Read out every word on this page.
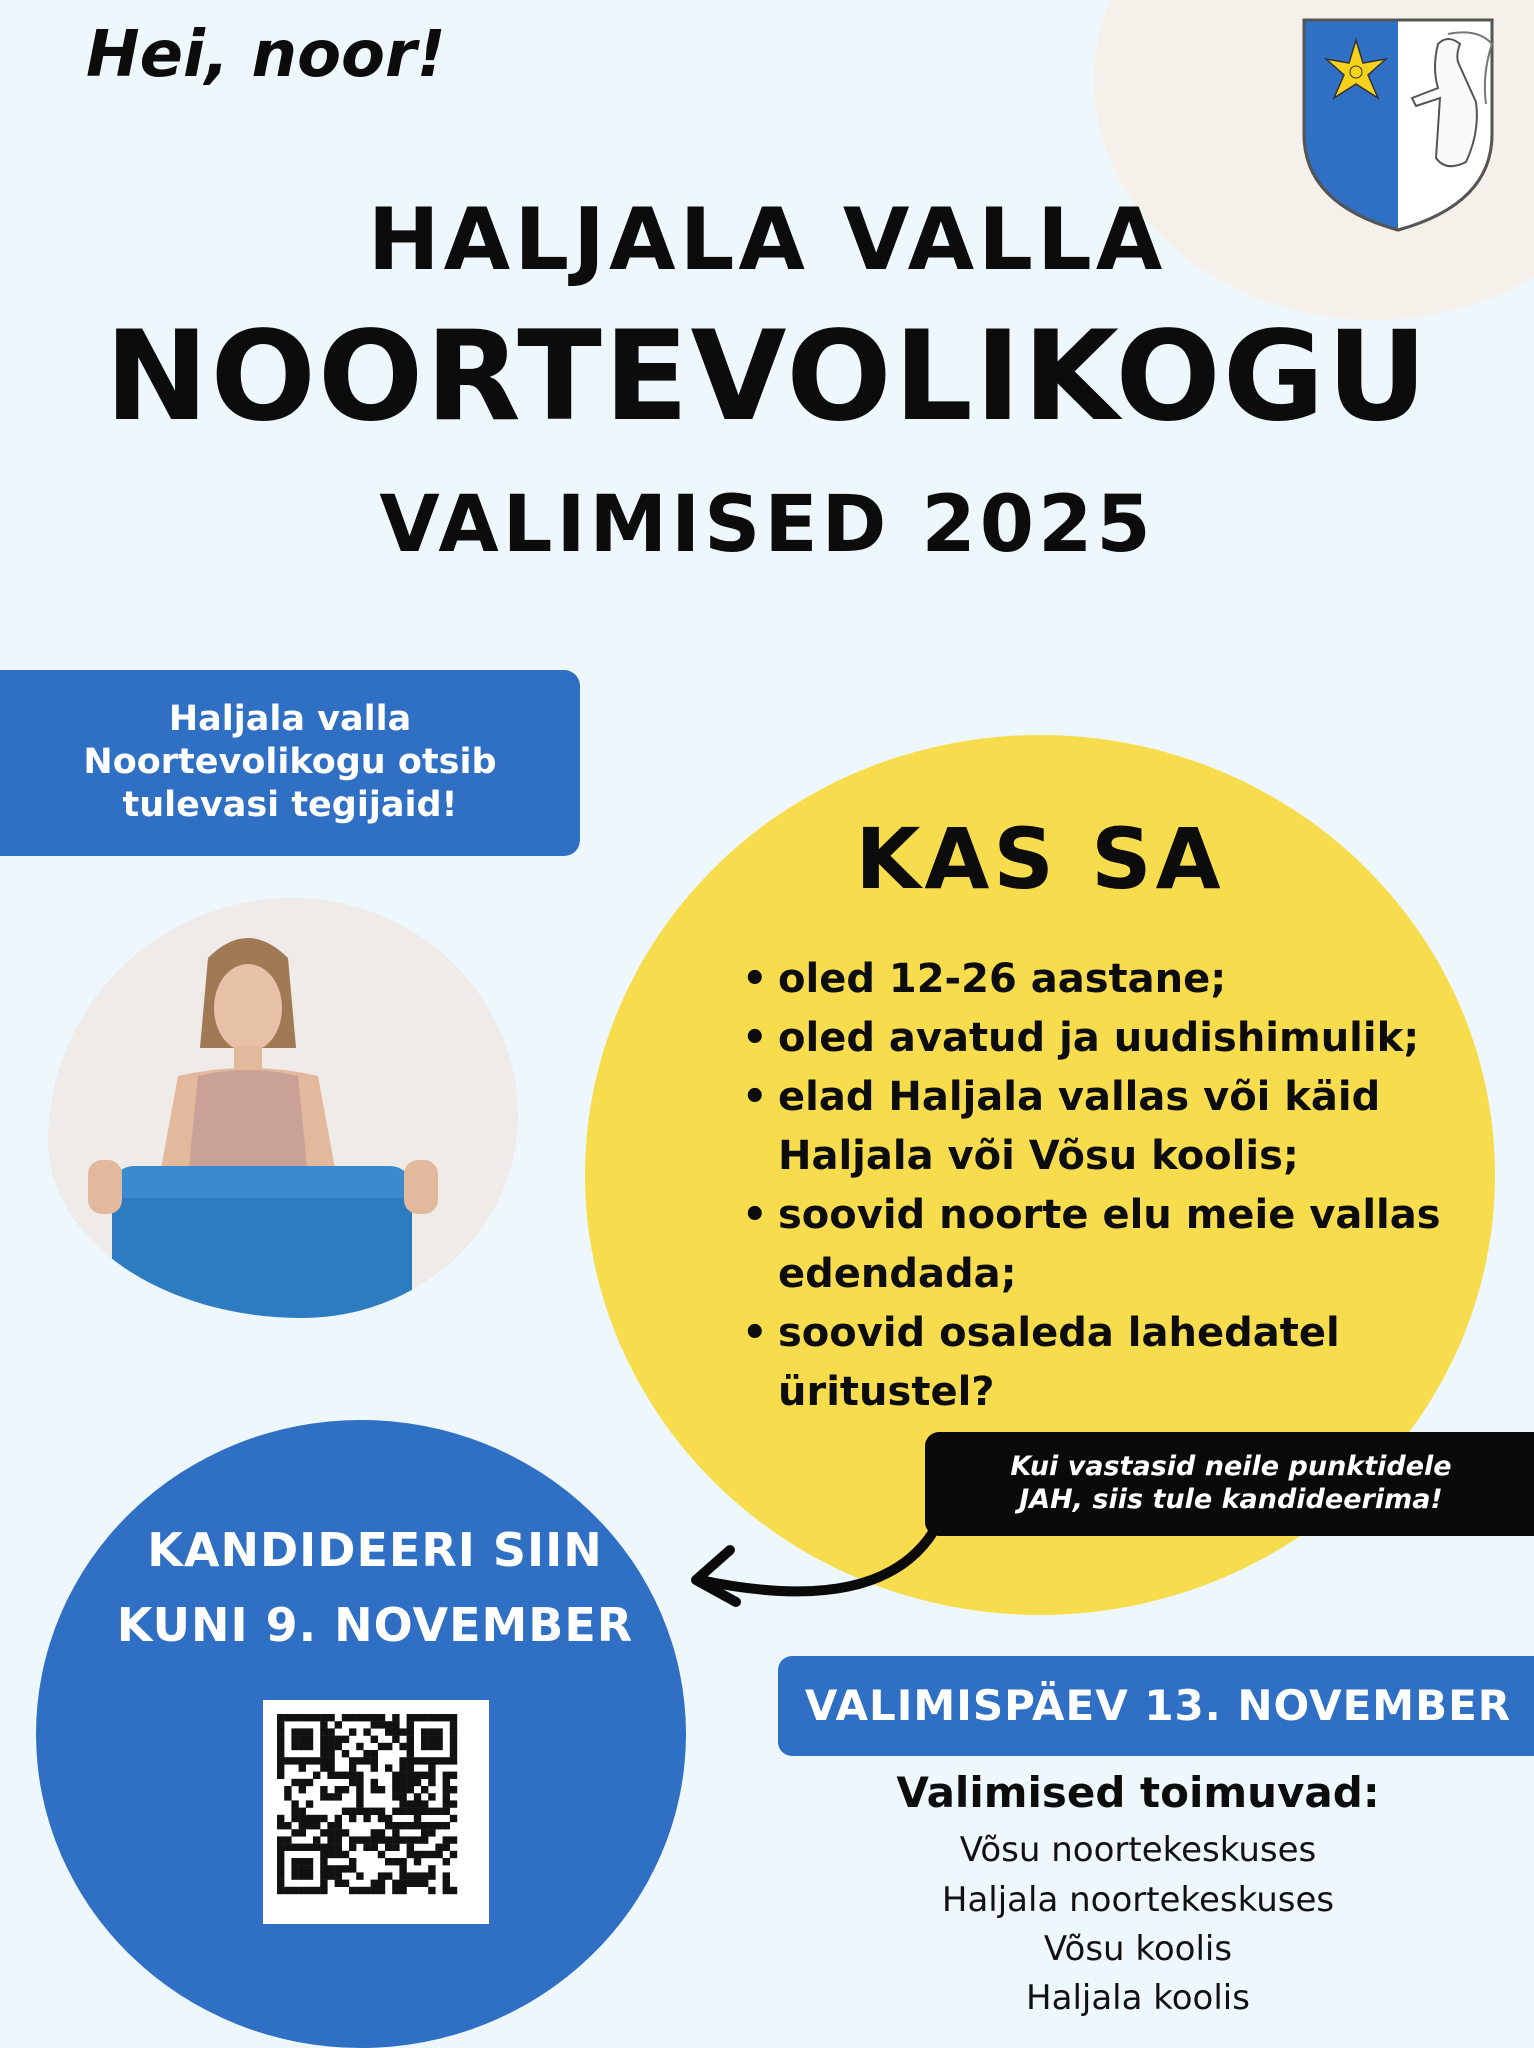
Hei, noor!
HALJALA VALLA
NOORTEVOLIKOGU
VALIMISED 2025
Haljala valla
Noortevolikogu otsib
tulevasi tegijaid!
KAS SA
• oled 12-26 aastane;
• oled avatud ja uudishimulik;
• elad Haljala vallas või käid Haljala või Võsu koolis;
• soovid noorte elu meie vallas edendada;
• soovid osaleda lahedatel üritustel?
Kui vastasid neile punktidele
JAH, siis tule kandideerima!
KANDIDEERI SIIN
KUNI 9. NOVEMBER
VALIMISPÄEV 13. NOVEMBER
Valimised toimuvad:
Võsu noortekeskuses
Haljala noortekeskuses
Võsu koolis
Haljala koolis
